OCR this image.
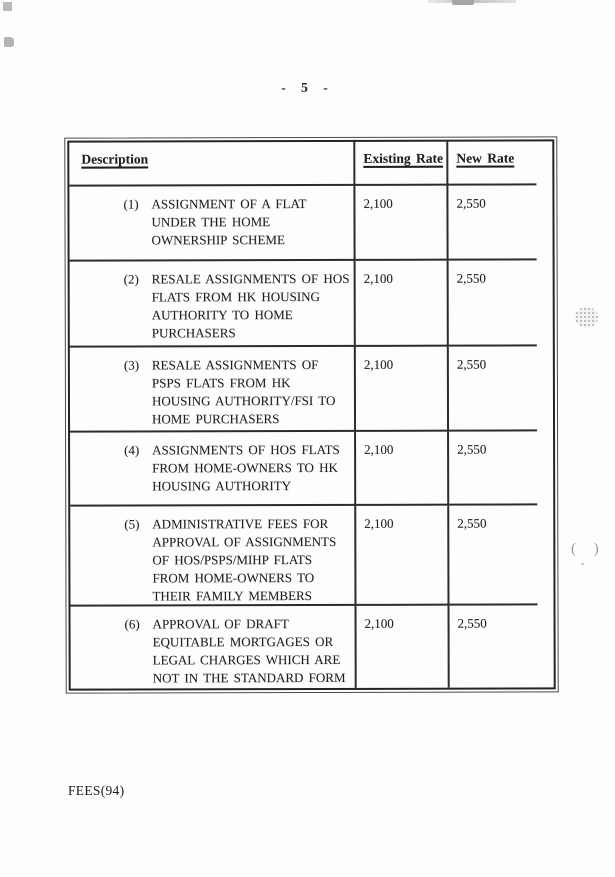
( )
- 5 -
Description	Existing Rate New Rate
(1) ASSIGNMENT OF A FLAT
UNDER THE HOME
OWNERSHIP SCHEME
2,100	2,550
(2) RESALE ASSIGNMENTS OF HOS
FLATS FROM HK HOUSING
AUTHORITY TO HOME
PURCHASERS
2,100	2,550
(3) RESALE ASSIGNMENTS OF
PSPS FLATS FROM HK
HOUSING AUTHORITY/FSI TO
HOME PURCHASERS
2,100	2,550
(4) ASSIGNMENTS OF HOS FLATS
FROM HOME-OWNERS TO HK
HOUSING AUTHORITY
2,100	2,550
(5) ADMINISTRATIVE FEES FOR
APPROVAL OF ASSIGNMENTS
OF HOS/PSPS/MIHP FLATS
FROM HOME-OWNERS TO
THEIR FAMILY MEMBERS
2,100	2,550
(6) APPROVAL OF DRAFT
EQUITABLE MORTGAGES OR
LEGAL CHARGES WHICH ARE
NOT IN THE STANDARD FORM
2,100	2,550
FEES(94)
